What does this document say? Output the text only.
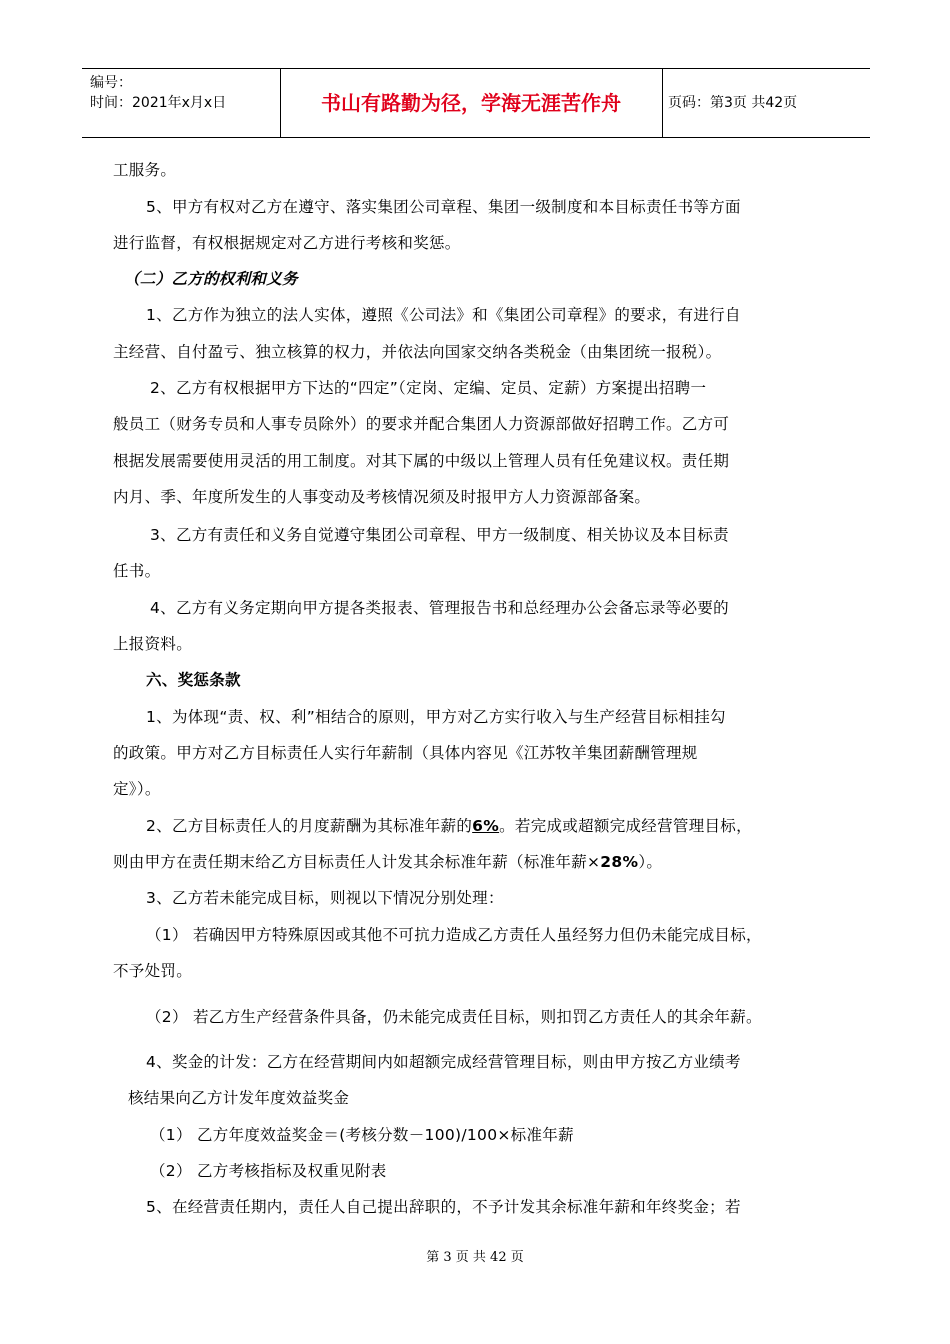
编号：
时间：2021年x月x日	书山有路勤为径，学海无涯苦作舟	页码：第3页 共42页
工服务。
5、甲方有权对乙方在遵守、落实集团公司章程、集团一级制度和本目标责任书等方面
进行监督，有权根据规定对乙方进行考核和奖惩。
（二）乙方的权利和义务
1、乙方作为独立的法人实体，遵照《公司法》和《集团公司章程》的要求，有进行自
主经营、自付盈亏、独立核算的权力，并依法向国家交纳各类税金（由集团统一报税）。
2、乙方有权根据甲方下达的“四定”（定岗、定编、定员、定薪）方案提出招聘一
般员工（财务专员和人事专员除外）的要求并配合集团人力资源部做好招聘工作。乙方可
根据发展需要使用灵活的用工制度。对其下属的中级以上管理人员有任免建议权。责任期
内月、季、年度所发生的人事变动及考核情况须及时报甲方人力资源部备案。
3、乙方有责任和义务自觉遵守集团公司章程、甲方一级制度、相关协议及本目标责
任书。
4、乙方有义务定期向甲方提各类报表、管理报告书和总经理办公会备忘录等必要的
上报资料。
六、奖惩条款
1、为体现“责、权、利”相结合的原则，甲方对乙方实行收入与生产经营目标相挂勾
的政策。甲方对乙方目标责任人实行年薪制（具体内容见《江苏牧羊集团薪酬管理规
定》）。
2、乙方目标责任人的月度薪酬为其标准年薪的6%。若完成或超额完成经营管理目标，
则由甲方在责任期末给乙方目标责任人计发其余标准年薪（标准年薪×28%）。
3、乙方若未能完成目标，则视以下情况分别处理：
（1） 若确因甲方特殊原因或其他不可抗力造成乙方责任人虽经努力但仍未能完成目标，
不予处罚。
（2） 若乙方生产经营条件具备，仍未能完成责任目标，则扣罚乙方责任人的其余年薪。
4、奖金的计发：乙方在经营期间内如超额完成经营管理目标，则由甲方按乙方业绩考
核结果向乙方计发年度效益奖金
（1） 乙方年度效益奖金＝(考核分数－100)/100×标准年薪
（2） 乙方考核指标及权重见附表
5、在经营责任期内，责任人自己提出辞职的，不予计发其余标准年薪和年终奖金；若
第 3 页 共 42 页
